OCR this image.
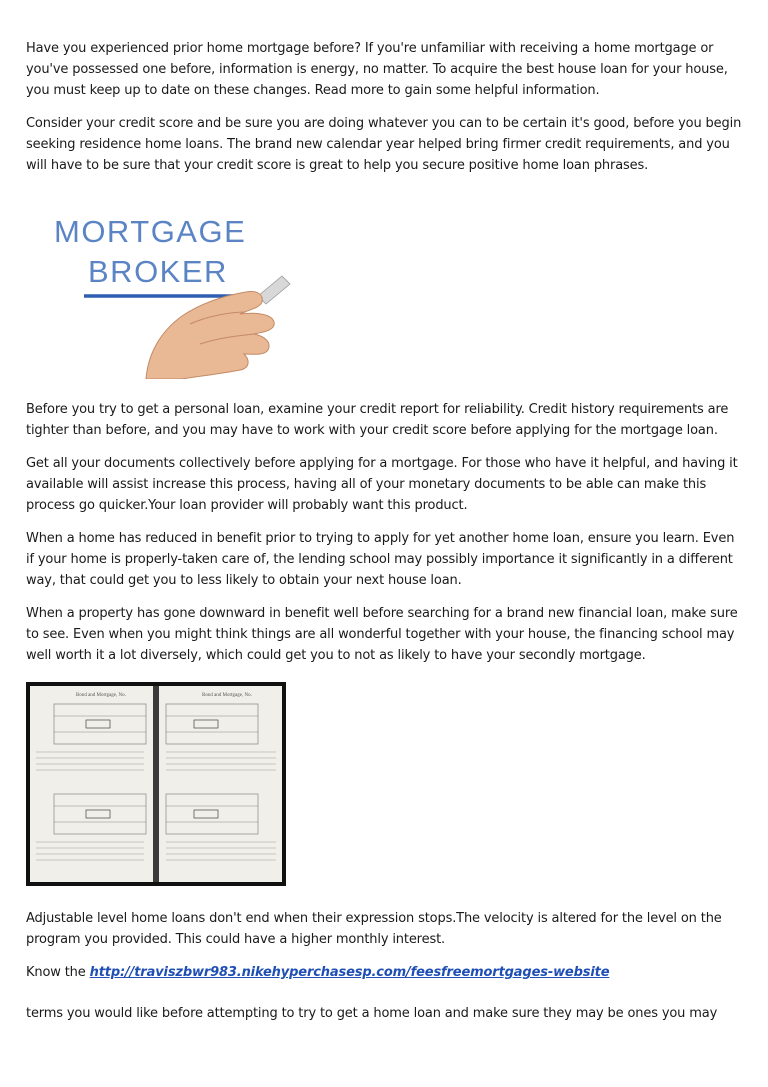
Have you experienced prior home mortgage before? If you're unfamiliar with receiving a home mortgage or you've possessed one before, information is energy, no matter. To acquire the best house loan for your house, you must keep up to date on these changes. Read more to gain some helpful information.

Consider your credit score and be sure you are doing whatever you can to be certain it's good, before you begin seeking residence home loans. The brand new calendar year helped bring firmer credit requirements, and you will have to be sure that your credit score is great to help you secure positive home loan phrases.

MORTGAGE
BROKER

Before you try to get a personal loan, examine your credit report for reliability. Credit history requirements are tighter than before, and you may have to work with your credit score before applying for the mortgage loan.

Get all your documents collectively before applying for a mortgage. For those who have it helpful, and having it available will assist increase this process, having all of your monetary documents to be able can make this process go quicker.Your loan provider will probably want this product.

When a home has reduced in benefit prior to trying to apply for yet another home loan, ensure you learn. Even if your home is properly-taken care of, the lending school may possibly importance it significantly in a different way, that could get you to less likely to obtain your next house loan.

When a property has gone downward in benefit well before searching for a brand new financial loan, make sure to see. Even when you might think things are all wonderful together with your house, the financing school may well worth it a lot diversely, which could get you to not as likely to have your secondly mortgage.

Bond and Mortgage, No.	Bond and Mortgage, No.

Adjustable level home loans don't end when their expression stops.The velocity is altered for the level on the program you provided. This could have a higher monthly interest.

Know the http://traviszbwr983.nikehyperchasesp.com/feesfreemortgages-website

terms you would like before attempting to try to get a home loan and make sure they may be ones you may
